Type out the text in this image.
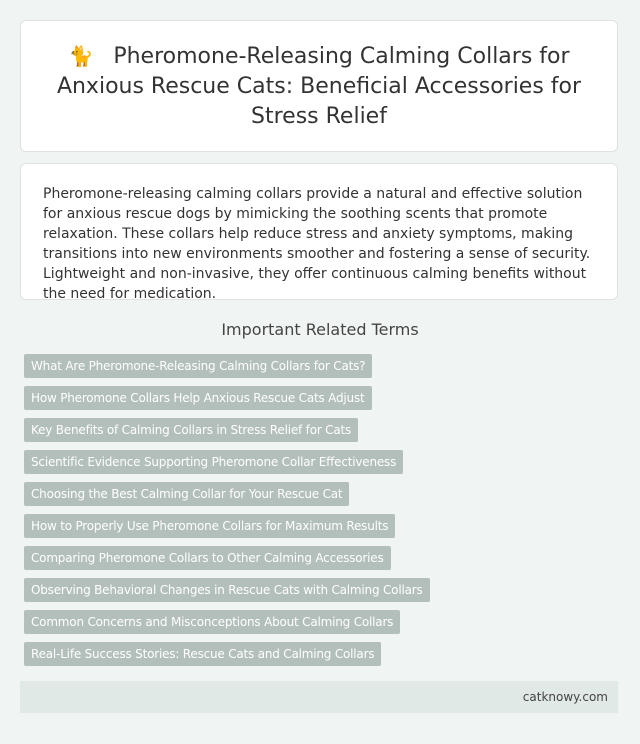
🐈 Pheromone-Releasing Calming Collars for Anxious Rescue Cats: Beneficial Accessories for Stress Relief

Pheromone-releasing calming collars provide a natural and effective solution for anxious rescue dogs by mimicking the soothing scents that promote relaxation. These collars help reduce stress and anxiety symptoms, making transitions into new environments smoother and fostering a sense of security. Lightweight and non-invasive, they offer continuous calming benefits without the need for medication.

Important Related Terms
What Are Pheromone-Releasing Calming Collars for Cats?
How Pheromone Collars Help Anxious Rescue Cats Adjust
Key Benefits of Calming Collars in Stress Relief for Cats
Scientific Evidence Supporting Pheromone Collar Effectiveness
Choosing the Best Calming Collar for Your Rescue Cat
How to Properly Use Pheromone Collars for Maximum Results
Comparing Pheromone Collars to Other Calming Accessories
Observing Behavioral Changes in Rescue Cats with Calming Collars
Common Concerns and Misconceptions About Calming Collars
Real-Life Success Stories: Rescue Cats and Calming Collars
catknowy.com
